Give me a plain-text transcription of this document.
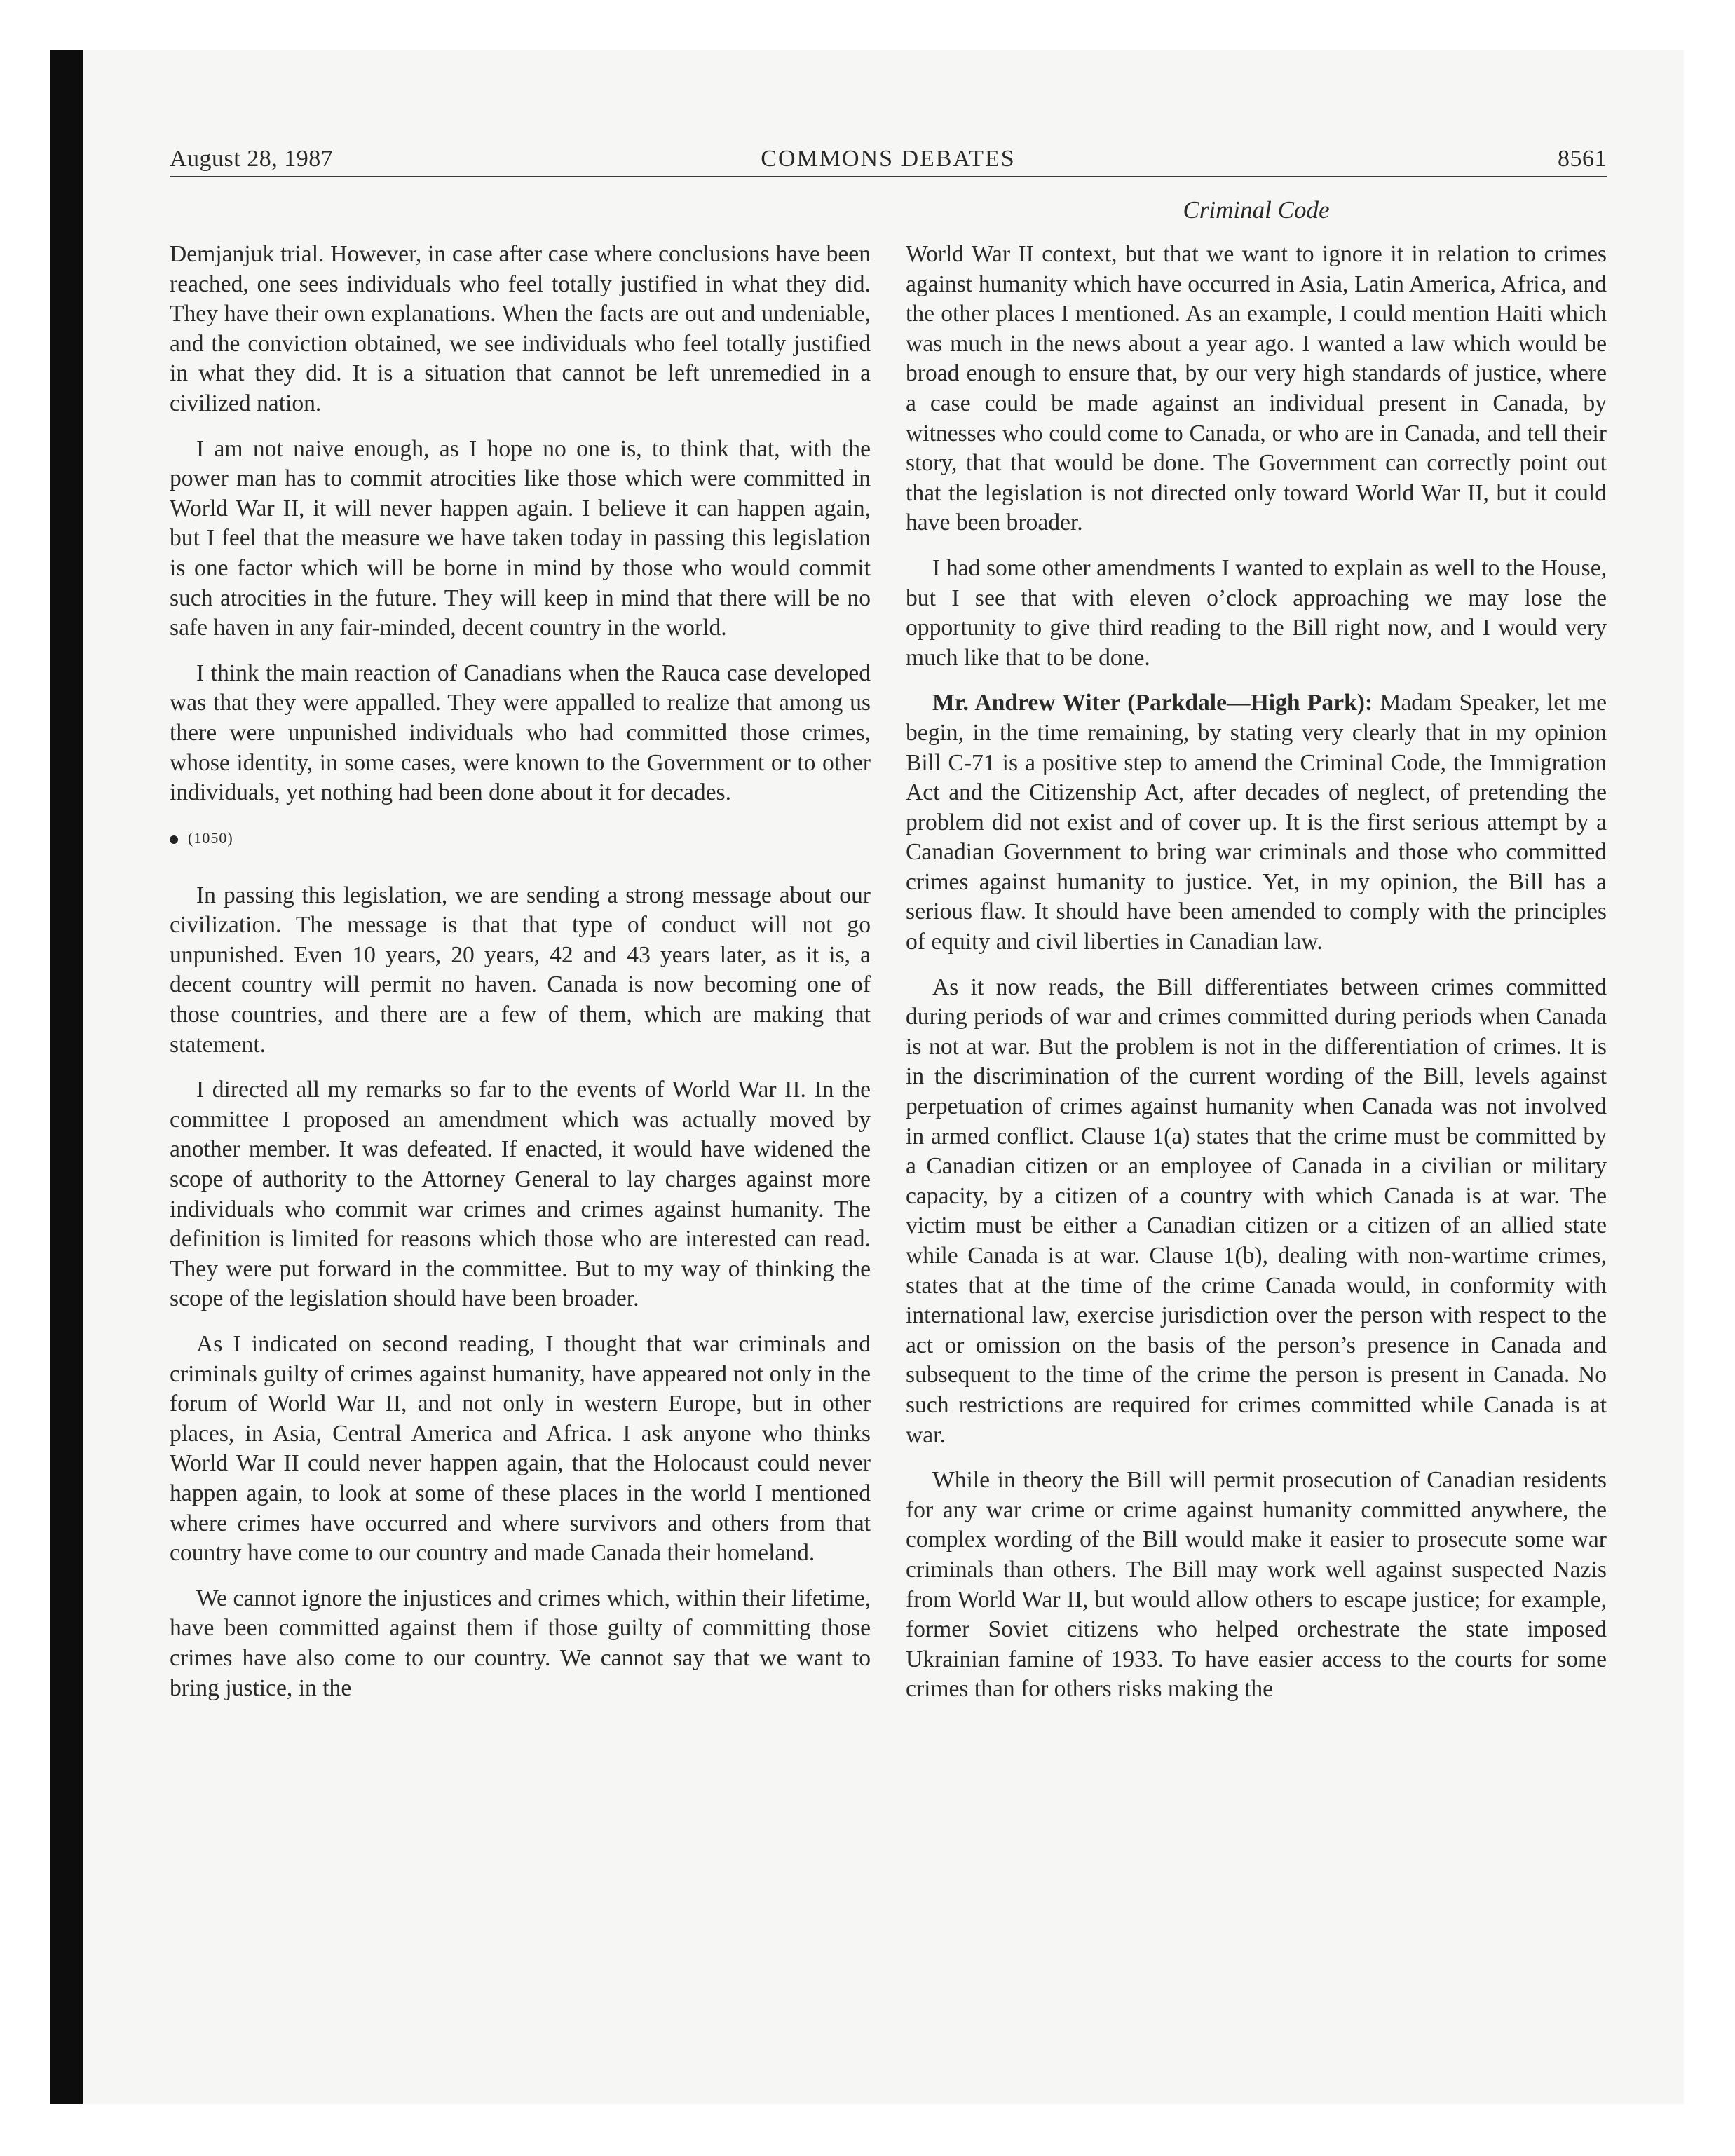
August 28, 1987	COMMONS DEBATES	8561
Criminal Code

Demjanjuk trial. However, in case after case where conclusions have been reached, one sees individuals who feel totally justified in what they did. They have their own explanations. When the facts are out and undeniable, and the conviction obtained, we see individuals who feel totally justified in what they did. It is a situation that cannot be left unremedied in a civilized nation.

I am not naive enough, as I hope no one is, to think that, with the power man has to commit atrocities like those which were committed in World War II, it will never happen again. I believe it can happen again, but I feel that the measure we have taken today in passing this legislation is one factor which will be borne in mind by those who would commit such atrocities in the future. They will keep in mind that there will be no safe haven in any fair-minded, decent country in the world.

I think the main reaction of Canadians when the Rauca case developed was that they were appalled. They were appalled to realize that among us there were unpunished individuals who had committed those crimes, whose identity, in some cases, were known to the Government or to other individuals, yet nothing had been done about it for decades.

(1050)

In passing this legislation, we are sending a strong message about our civilization. The message is that that type of conduct will not go unpunished. Even 10 years, 20 years, 42 and 43 years later, as it is, a decent country will permit no haven. Canada is now becoming one of those countries, and there are a few of them, which are making that statement.

I directed all my remarks so far to the events of World War II. In the committee I proposed an amendment which was actually moved by another member. It was defeated. If enacted, it would have widened the scope of authority to the Attorney General to lay charges against more individuals who commit war crimes and crimes against humanity. The definition is limited for reasons which those who are interested can read. They were put forward in the committee. But to my way of thinking the scope of the legislation should have been broader.

As I indicated on second reading, I thought that war criminals and criminals guilty of crimes against humanity, have appeared not only in the forum of World War II, and not only in western Europe, but in other places, in Asia, Central America and Africa. I ask anyone who thinks World War II could never happen again, that the Holocaust could never happen again, to look at some of these places in the world I mentioned where crimes have occurred and where survivors and others from that country have come to our country and made Canada their homeland.

We cannot ignore the injustices and crimes which, within their lifetime, have been committed against them if those guilty of committing those crimes have also come to our country. We cannot say that we want to bring justice, in the

World War II context, but that we want to ignore it in relation to crimes against humanity which have occurred in Asia, Latin America, Africa, and the other places I mentioned. As an example, I could mention Haiti which was much in the news about a year ago. I wanted a law which would be broad enough to ensure that, by our very high standards of justice, where a case could be made against an individual present in Canada, by witnesses who could come to Canada, or who are in Canada, and tell their story, that that would be done. The Government can correctly point out that the legislation is not directed only toward World War II, but it could have been broader.

I had some other amendments I wanted to explain as well to the House, but I see that with eleven o’clock approaching we may lose the opportunity to give third reading to the Bill right now, and I would very much like that to be done.

Mr. Andrew Witer (Parkdale—High Park): Madam Speaker, let me begin, in the time remaining, by stating very clearly that in my opinion Bill C-71 is a positive step to amend the Criminal Code, the Immigration Act and the Citizenship Act, after decades of neglect, of pretending the problem did not exist and of cover up. It is the first serious attempt by a Canadian Government to bring war criminals and those who committed crimes against humanity to justice. Yet, in my opinion, the Bill has a serious flaw. It should have been amended to comply with the principles of equity and civil liberties in Canadian law.

As it now reads, the Bill differentiates between crimes committed during periods of war and crimes committed during periods when Canada is not at war. But the problem is not in the differentiation of crimes. It is in the discrimination of the current wording of the Bill, levels against perpetuation of crimes against humanity when Canada was not involved in armed conflict. Clause 1(a) states that the crime must be committed by a Canadian citizen or an employee of Canada in a civilian or military capacity, by a citizen of a country with which Canada is at war. The victim must be either a Canadian citizen or a citizen of an allied state while Canada is at war. Clause 1(b), dealing with non-wartime crimes, states that at the time of the crime Canada would, in conformity with international law, exercise jurisdiction over the person with respect to the act or omission on the basis of the person’s presence in Canada and subsequent to the time of the crime the person is present in Canada. No such restrictions are required for crimes committed while Canada is at war.

While in theory the Bill will permit prosecution of Canadian residents for any war crime or crime against humanity committed anywhere, the complex wording of the Bill would make it easier to prosecute some war criminals than others. The Bill may work well against suspected Nazis from World War II, but would allow others to escape justice; for example, former Soviet citizens who helped orchestrate the state imposed Ukrainian famine of 1933. To have easier access to the courts for some crimes than for others risks making the
